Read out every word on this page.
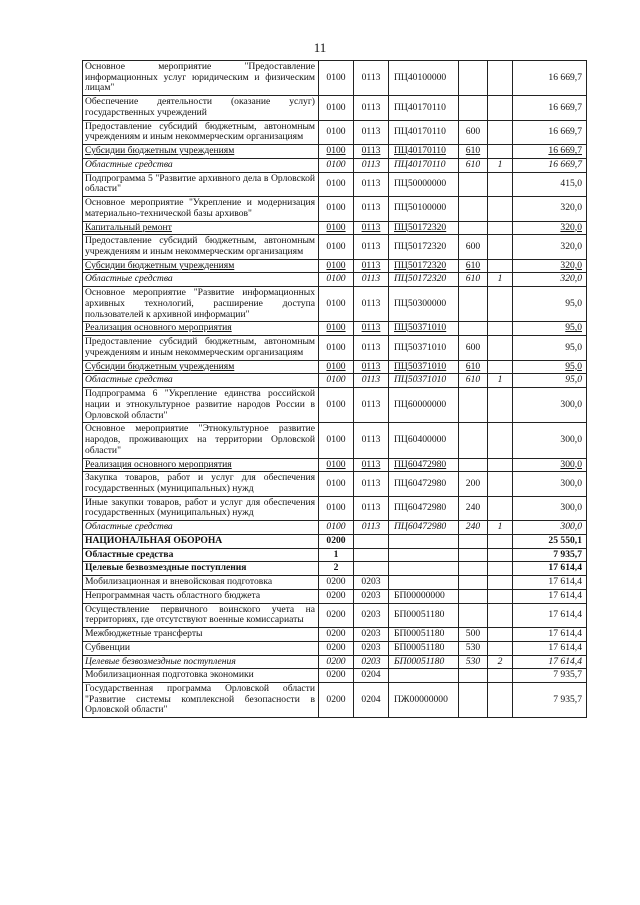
11
Основное мероприятие "Предоставление информационных услуг юридическим и физическим лицам"	0100	0113	ПЦ40100000			16 669,7
Обеспечение деятельности (оказание услуг) государственных учреждений	0100	0113	ПЦ40170110			16 669,7
Предоставление субсидий бюджетным, автономным учреждениям и иным некоммерческим организациям	0100	0113	ПЦ40170110	600		16 669,7
Субсидии бюджетным учреждениям	0100	0113	ПЦ40170110	610		16 669,7
Областные средства	0100	0113	ПЦ40170110	610	1	16 669,7
Подпрограмма 5 "Развитие архивного дела в Орловской области"	0100	0113	ПЦ50000000			415,0
Основное мероприятие "Укрепление и модернизация материально-технической базы архивов"	0100	0113	ПЦ50100000			320,0
Капитальный ремонт	0100	0113	ПЦ50172320			320,0
Предоставление субсидий бюджетным, автономным учреждениям и иным некоммерческим организациям	0100	0113	ПЦ50172320	600		320,0
Субсидии бюджетным учреждениям	0100	0113	ПЦ50172320	610		320,0
Областные средства	0100	0113	ПЦ50172320	610	1	320,0
Основное мероприятие "Развитие информационных архивных технологий, расширение доступа пользователей к архивной информации"	0100	0113	ПЦ50300000			95,0
Реализация основного мероприятия	0100	0113	ПЦ50371010			95,0
Предоставление субсидий бюджетным, автономным учреждениям и иным некоммерческим организациям	0100	0113	ПЦ50371010	600		95,0
Субсидии бюджетным учреждениям	0100	0113	ПЦ50371010	610		95,0
Областные средства	0100	0113	ПЦ50371010	610	1	95,0
Подпрограмма 6 "Укрепление единства российской нации и этнокультурное развитие народов России в Орловской области"	0100	0113	ПЦ60000000			300,0
Основное мероприятие "Этнокультурное развитие народов, проживающих на территории Орловской области"	0100	0113	ПЦ60400000			300,0
Реализация основного мероприятия	0100	0113	ПЦ60472980			300,0
Закупка товаров, работ и услуг для обеспечения государственных (муниципальных) нужд	0100	0113	ПЦ60472980	200		300,0
Иные закупки товаров, работ и услуг для обеспечения государственных (муниципальных) нужд	0100	0113	ПЦ60472980	240		300,0
Областные средства	0100	0113	ПЦ60472980	240	1	300,0
НАЦИОНАЛЬНАЯ ОБОРОНА	0200					25 550,1
Областные средства	1					7 935,7
Целевые безвозмездные поступления	2					17 614,4
Мобилизационная и вневойсковая подготовка	0200	0203				17 614,4
Непрограммная часть областного бюджета	0200	0203	БП00000000			17 614,4
Осуществление первичного воинского учета на территориях, где отсутствуют военные комиссариаты	0200	0203	БП00051180			17 614,4
Межбюджетные трансферты	0200	0203	БП00051180	500		17 614,4
Субвенции	0200	0203	БП00051180	530		17 614,4
Целевые безвозмездные поступления	0200	0203	БП00051180	530	2	17 614,4
Мобилизационная подготовка экономики	0200	0204				7 935,7
Государственная программа Орловской области "Развитие системы комплексной безопасности в Орловской области"	0200	0204	ПЖ00000000			7 935,7
